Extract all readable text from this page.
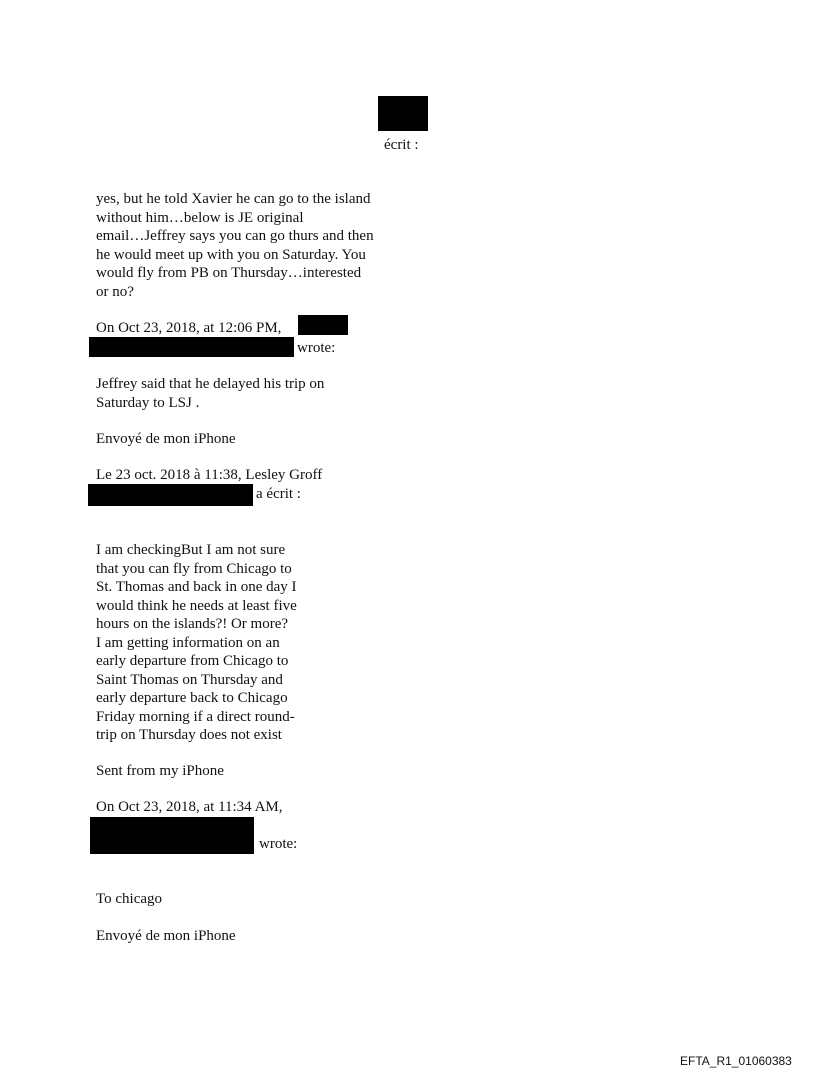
écrit :
yes, but he told Xavier he can go to the island
without him…below is JE original
email…Jeffrey says you can go thurs and then
he would meet up with you on Saturday. You
would fly from PB on Thursday…interested
or no?
On Oct 23, 2018, at 12:06 PM,
wrote:
Jeffrey said that he delayed his trip on
Saturday to LSJ .
Envoyé de mon iPhone
Le 23 oct. 2018 à 11:38, Lesley Groff
a écrit :
I am checkingBut I am not sure
that you can fly from Chicago to
St. Thomas and back in one day I
would think he needs at least five
hours on the islands?! Or more?
I am getting information on an
early departure from Chicago to
Saint Thomas on Thursday and
early departure back to Chicago
Friday morning if a direct round-
trip on Thursday does not exist
Sent from my iPhone
On Oct 23, 2018, at 11:34 AM,
wrote:
To chicago
Envoyé de mon iPhone
EFTA_R1_01060383
